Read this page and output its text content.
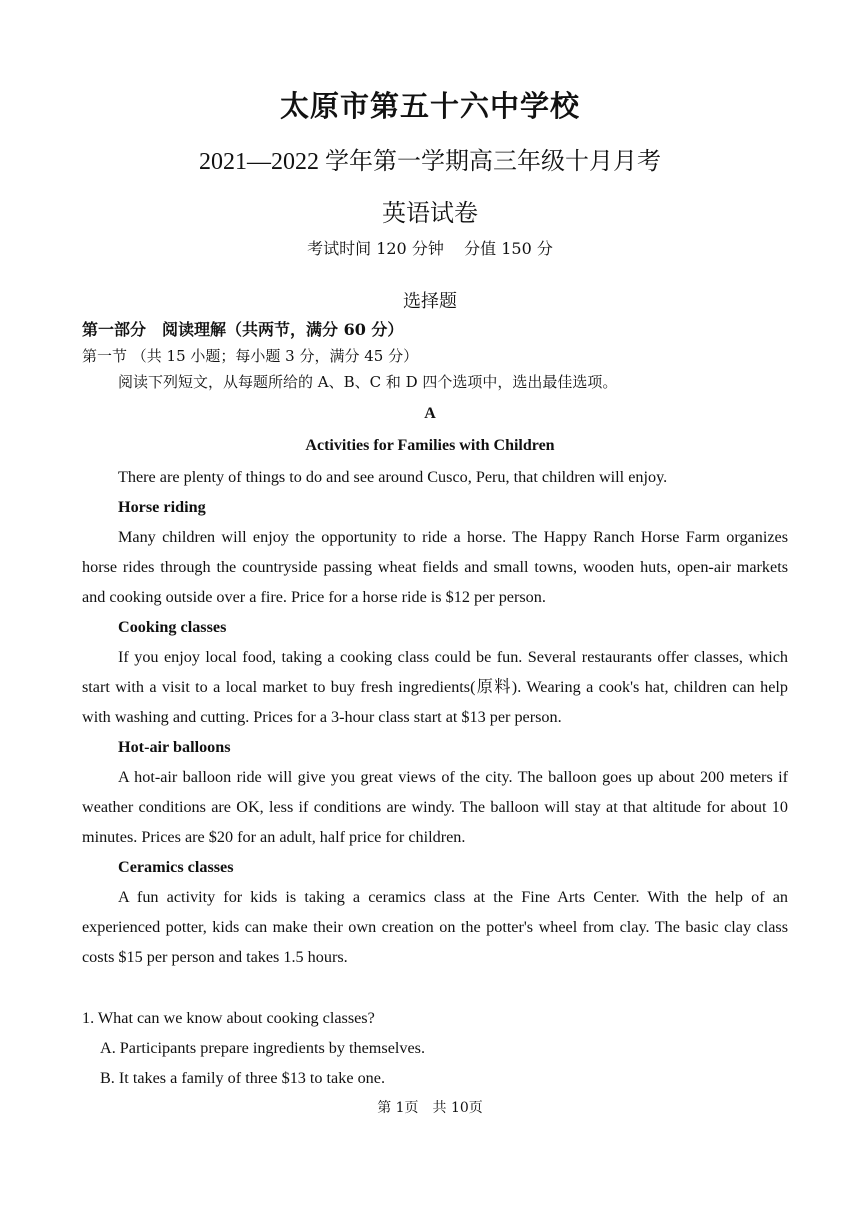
太原市第五十六中学校
2021—2022 学年第一学期高三年级十月月考
英语试卷
考试时间 120 分钟    分值 150 分
选择题
第一部分　阅读理解（共两节，满分 60 分）
第一节 （共 15 小题；每小题 3 分，满分 45 分）
阅读下列短文，从每题所给的 A、B、C 和 D 四个选项中，选出最佳选项。
A
Activities for Families with Children
There are plenty of things to do and see around Cusco, Peru, that children will enjoy.
Horse riding
Many children will enjoy the opportunity to ride a horse. The Happy Ranch Horse Farm organizes horse rides through the countryside passing wheat fields and small towns, wooden huts, open-air markets and cooking outside over a fire. Price for a horse ride is $12 per person.
Cooking classes
If you enjoy local food, taking a cooking class could be fun. Several restaurants offer classes, which start with a visit to a local market to buy fresh ingredients(原料). Wearing a cook's hat, children can help with washing and cutting. Prices for a 3-hour class start at $13 per person.
Hot-air balloons
A hot-air balloon ride will give you great views of the city. The balloon goes up about 200 meters if weather conditions are OK, less if conditions are windy. The balloon will stay at that altitude for about 10 minutes. Prices are $20 for an adult, half price for children.
Ceramics classes
A fun activity for kids is taking a ceramics class at the Fine Arts Center. With the help of an experienced potter, kids can make their own creation on the potter's wheel from clay. The basic clay class costs $15 per person and takes 1.5 hours.
1. What can we know about cooking classes?
A. Participants prepare ingredients by themselves.
B. It takes a family of three $13 to take one.
第 1页　共 10页
